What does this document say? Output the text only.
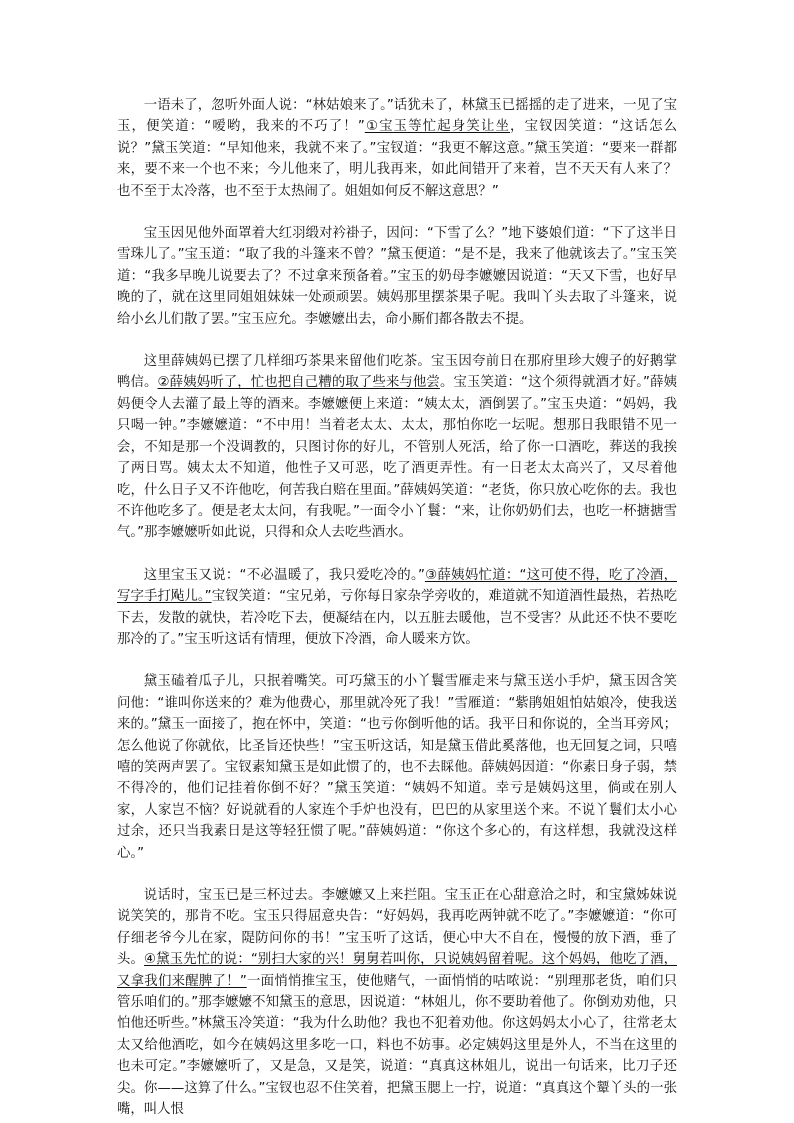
一语未了，忽听外面人说：“林姑娘来了。”话犹未了，林黛玉已摇摇的走了进来，一见了宝玉，便笑道：“嗳哟，我来的不巧了！”①宝玉等忙起身笑让坐，宝钗因笑道：“这话怎么说？”黛玉笑道：“早知他来，我就不来了。”宝钗道：“我更不解这意。”黛玉笑道：“要来一群都来，要不来一个也不来；今儿他来了，明儿我再来，如此间错开了来着，岂不天天有人来了？也不至于太冷落，也不至于太热闹了。姐姐如何反不解这意思？”

宝玉因见他外面罩着大红羽缎对衿褂子，因问：“下雪了么？”地下婆娘们道：“下了这半日雪珠儿了。”宝玉道：“取了我的斗篷来不曾？”黛玉便道：“是不是，我来了他就该去了。”宝玉笑道：“我多早晚儿说要去了？不过拿来预备着。”宝玉的奶母李嬷嬷因说道：“天又下雪，也好早晚的了，就在这里同姐姐妹妹一处顽顽罢。姨妈那里摆茶果子呢。我叫丫头去取了斗篷来，说给小幺儿们散了罢。”宝玉应允。李嬷嬷出去，命小厮们都各散去不提。

这里薛姨妈已摆了几样细巧茶果来留他们吃茶。宝玉因夸前日在那府里珍大嫂子的好鹅掌鸭信。②薛姨妈听了，忙也把自己糟的取了些来与他尝。宝玉笑道：“这个须得就酒才好。”薛姨妈便令人去灌了最上等的酒来。李嬷嬷便上来道：“姨太太，酒倒罢了。”宝玉央道：“妈妈，我只喝一钟。”李嬷嬷道：“不中用！当着老太太、太太，那怕你吃一坛呢。想那日我眼错不见一会，不知是那一个没调教的，只图讨你的好儿，不管别人死活，给了你一口酒吃，葬送的我挨了两日骂。姨太太不知道，他性子又可恶，吃了酒更弄性。有一日老太太高兴了，又尽着他吃，什么日子又不许他吃，何苦我白赔在里面。”薛姨妈笑道：“老货，你只放心吃你的去。我也不许他吃多了。便是老太太问，有我呢。”一面令小丫鬟：“来，让你奶奶们去，也吃一杯搪搪雪气。”那李嬷嬷听如此说，只得和众人去吃些酒水。

这里宝玉又说：“不必温暖了，我只爱吃冷的。”③薛姨妈忙道：“这可使不得，吃了冷酒，写字手打飐儿。”宝钗笑道：“宝兄弟，亏你每日家杂学旁收的，难道就不知道酒性最热，若热吃下去，发散的就快，若冷吃下去，便凝结在内，以五脏去暖他，岂不受害？从此还不快不要吃那冷的了。”宝玉听这话有情理，便放下冷酒，命人暖来方饮。

黛玉磕着瓜子儿，只抿着嘴笑。可巧黛玉的小丫鬟雪雁走来与黛玉送小手炉，黛玉因含笑问他：“谁叫你送来的？难为他费心，那里就冷死了我！”雪雁道：“紫鹃姐姐怕姑娘冷，使我送来的。”黛玉一面接了，抱在怀中，笑道：“也亏你倒听他的话。我平日和你说的，全当耳旁风；怎么他说了你就依，比圣旨还快些！”宝玉听这话，知是黛玉借此奚落他，也无回复之词，只嘻嘻的笑两声罢了。宝钗素知黛玉是如此惯了的，也不去睬他。薛姨妈因道：“你素日身子弱，禁不得冷的，他们记挂着你倒不好？”黛玉笑道：“姨妈不知道。幸亏是姨妈这里，倘或在别人家，人家岂不恼？好说就看的人家连个手炉也没有，巴巴的从家里送个来。不说丫鬟们太小心过余，还只当我素日是这等轻狂惯了呢。”薛姨妈道：“你这个多心的，有这样想，我就没这样心。”

说话时，宝玉已是三杯过去。李嬷嬷又上来拦阻。宝玉正在心甜意洽之时，和宝黛姊妹说说笑笑的，那肯不吃。宝玉只得屈意央告：“好妈妈，我再吃两钟就不吃了。”李嬷嬷道：“你可仔细老爷今儿在家，隄防问你的书！”宝玉听了这话，便心中大不自在，慢慢的放下酒，垂了头。④黛玉先忙的说：“别扫大家的兴！舅舅若叫你，只说姨妈留着呢。这个妈妈，他吃了酒，又拿我们来醒脾了！”一面悄悄推宝玉，使他赌气，一面悄悄的咕哝说：“别理那老货，咱们只管乐咱们的。”那李嬷嬷不知黛玉的意思，因说道：“林姐儿，你不要助着他了。你倒劝劝他，只怕他还听些。”林黛玉冷笑道：“我为什么助他？我也不犯着劝他。你这妈妈太小心了，往常老太太又给他酒吃，如今在姨妈这里多吃一口，料也不妨事。必定姨妈这里是外人，不当在这里的也未可定。”李嬷嬷听了，又是急，又是笑，说道：“真真这林姐儿，说出一句话来，比刀子还尖。你——这算了什么。”宝钗也忍不住笑着，把黛玉腮上一拧，说道：“真真这个颦丫头的一张嘴，叫人恨
